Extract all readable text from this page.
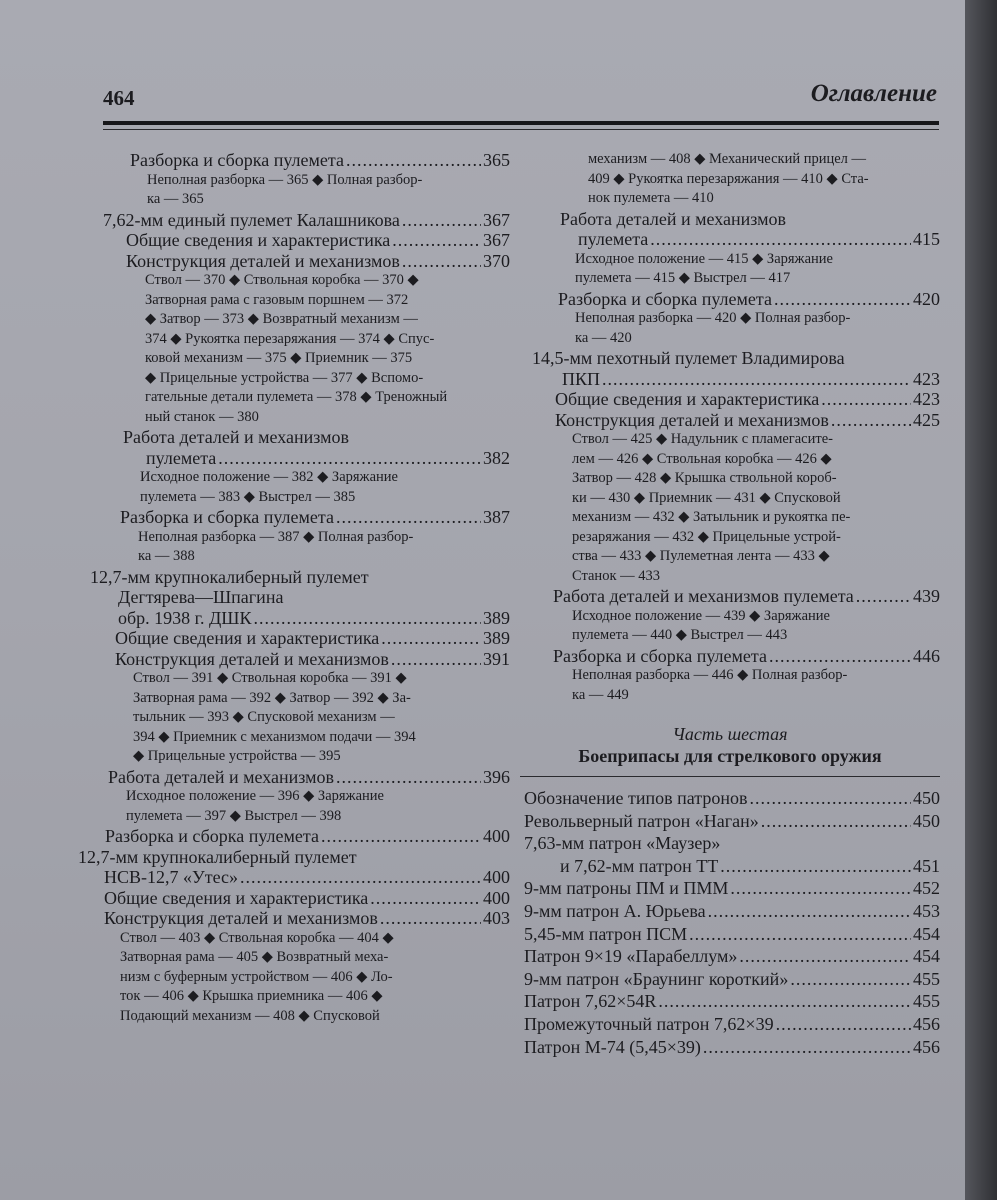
464	Оглавление
Разборка и сборка пулемета .....	365
Неполная разборка — 365 ◆ Полная разбор-
ка — 365
7,62-мм единый пулемет Калашникова .....	367
Общие сведения и характеристика .....	367
Конструкция деталей и механизмов .....	370
Ствол — 370 ◆ Ствольная коробка — 370 ◆
Затворная рама с газовым поршнем — 372
◆ Затвор — 373 ◆ Возвратный механизм —
374 ◆ Рукоятка перезаряжания — 374 ◆ Спус-
ковой механизм — 375 ◆ Приемник — 375
◆ Прицельные устройства — 377 ◆ Вспомо-
гательные детали пулемета — 378 ◆ Треножный
ный станок — 380
Работа деталей и механизмов
пулемета .....	382
Исходное положение — 382 ◆ Заряжание
пулемета — 383 ◆ Выстрел — 385
Разборка и сборка пулемета .....	387
Неполная разборка — 387 ◆ Полная разбор-
ка — 388
12,7-мм крупнокалиберный пулемет
Дегтярева—Шпагина
обр. 1938 г. ДШК .....	389
Общие сведения и характеристика .....	389
Конструкция деталей и механизмов .....	391
Ствол — 391 ◆ Ствольная коробка — 391 ◆
Затворная рама — 392 ◆ Затвор — 392 ◆ За-
тыльник — 393 ◆ Спусковой механизм —
394 ◆ Приемник с механизмом подачи — 394
◆ Прицельные устройства — 395
Работа деталей и механизмов .....	396
Исходное положение — 396 ◆ Заряжание
пулемета — 397 ◆ Выстрел — 398
Разборка и сборка пулемета .....	400
12,7-мм крупнокалиберный пулемет
НСВ-12,7 «Утес» .....	400
Общие сведения и характеристика .....	400
Конструкция деталей и механизмов .....	403
Ствол — 403 ◆ Ствольная коробка — 404 ◆
Затворная рама — 405 ◆ Возвратный меха-
низм с буферным устройством — 406 ◆ Ло-
ток — 406 ◆ Крышка приемника — 406 ◆
Подающий механизм — 408 ◆ Спусковой
механизм — 408 ◆ Механический прицел —
409 ◆ Рукоятка перезаряжания — 410 ◆ Ста-
нок пулемета — 410
Работа деталей и механизмов
пулемета .....	415
Исходное положение — 415 ◆ Заряжание
пулемета — 415 ◆ Выстрел — 417
Разборка и сборка пулемета .....	420
Неполная разборка — 420 ◆ Полная разбор-
ка — 420
14,5-мм пехотный пулемет Владимирова
ПКП .....	423
Общие сведения и характеристика .....	423
Конструкция деталей и механизмов .....	425
Ствол — 425 ◆ Надульник с пламегасите-
лем — 426 ◆ Ствольная коробка — 426 ◆
Затвор — 428 ◆ Крышка ствольной короб-
ки — 430 ◆ Приемник — 431 ◆ Спусковой
механизм — 432 ◆ Затыльник и рукоятка пе-
резаряжания — 432 ◆ Прицельные устрой-
ства — 433 ◆ Пулеметная лента — 433 ◆
Станок — 433
Работа деталей и механизмов пулемета .....	439
Исходное положение — 439 ◆ Заряжание
пулемета — 440 ◆ Выстрел — 443
Разборка и сборка пулемета .....	446
Неполная разборка — 446 ◆ Полная разбор-
ка — 449
Часть шестая
Боеприпасы для стрелкового оружия
Обозначение типов патронов .....	450
Револьверный патрон «Наган» .....	450
7,63-мм патрон «Маузер»
и 7,62-мм патрон ТТ .....	451
9-мм патроны ПМ и ПММ .....	452
9-мм патрон А. Юрьева .....	453
5,45-мм патрон ПСМ .....	454
Патрон 9×19 «Парабеллум» .....	454
9-мм патрон «Браунинг короткий» .....	455
Патрон 7,62×54R .....	455
Промежуточный патрон 7,62×39 .....	456
Патрон М-74 (5,45×39) .....	456
